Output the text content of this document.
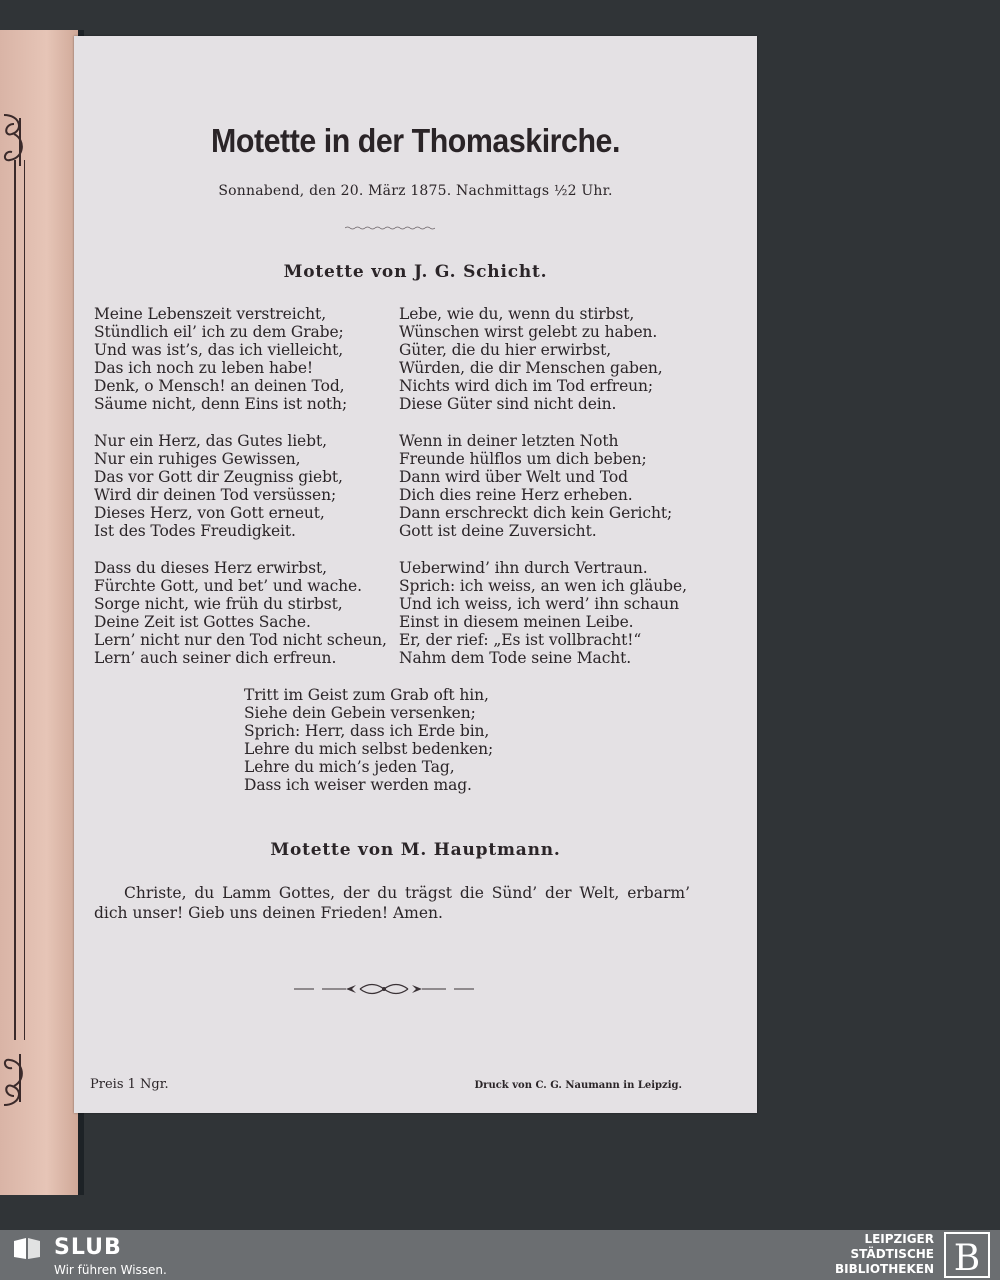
Motette in der Thomaskirche.
Sonnabend, den 20. März 1875. Nachmittags ½2 Uhr.
Motette von J. G. Schicht.
Meine Lebenszeit verstreicht,
Stündlich eil’ ich zu dem Grabe;
Und was ist’s, das ich vielleicht,
Das ich noch zu leben habe!
Denk, o Mensch! an deinen Tod,
Säume nicht, denn Eins ist noth;
Lebe, wie du, wenn du stirbst,
Wünschen wirst gelebt zu haben.
Güter, die du hier erwirbst,
Würden, die dir Menschen gaben,
Nichts wird dich im Tod erfreun;
Diese Güter sind nicht dein.
Nur ein Herz, das Gutes liebt,
Nur ein ruhiges Gewissen,
Das vor Gott dir Zeugniss giebt,
Wird dir deinen Tod versüssen;
Dieses Herz, von Gott erneut,
Ist des Todes Freudigkeit.
Wenn in deiner letzten Noth
Freunde hülflos um dich beben;
Dann wird über Welt und Tod
Dich dies reine Herz erheben.
Dann erschreckt dich kein Gericht;
Gott ist deine Zuversicht.
Dass du dieses Herz erwirbst,
Fürchte Gott, und bet’ und wache.
Sorge nicht, wie früh du stirbst,
Deine Zeit ist Gottes Sache.
Lern’ nicht nur den Tod nicht scheun,
Lern’ auch seiner dich erfreun.
Ueberwind’ ihn durch Vertraun.
Sprich: ich weiss, an wen ich gläube,
Und ich weiss, ich werd’ ihn schaun
Einst in diesem meinen Leibe.
Er, der rief: „Es ist vollbracht!“
Nahm dem Tode seine Macht.
Tritt im Geist zum Grab oft hin,
Siehe dein Gebein versenken;
Sprich: Herr, dass ich Erde bin,
Lehre du mich selbst bedenken;
Lehre du mich’s jeden Tag,
Dass ich weiser werden mag.
Motette von M. Hauptmann.
Christe, du Lamm Gottes, der du trägst die Sünd’ der Welt, erbarm’ dich unser! Gieb uns deinen Frieden! Amen.
Preis 1 Ngr.	Druck von C. G. Naumann in Leipzig.
SLUB
Wir führen Wissen.
LEIPZIGER
STÄDTISCHE
BIBLIOTHEKEN B
